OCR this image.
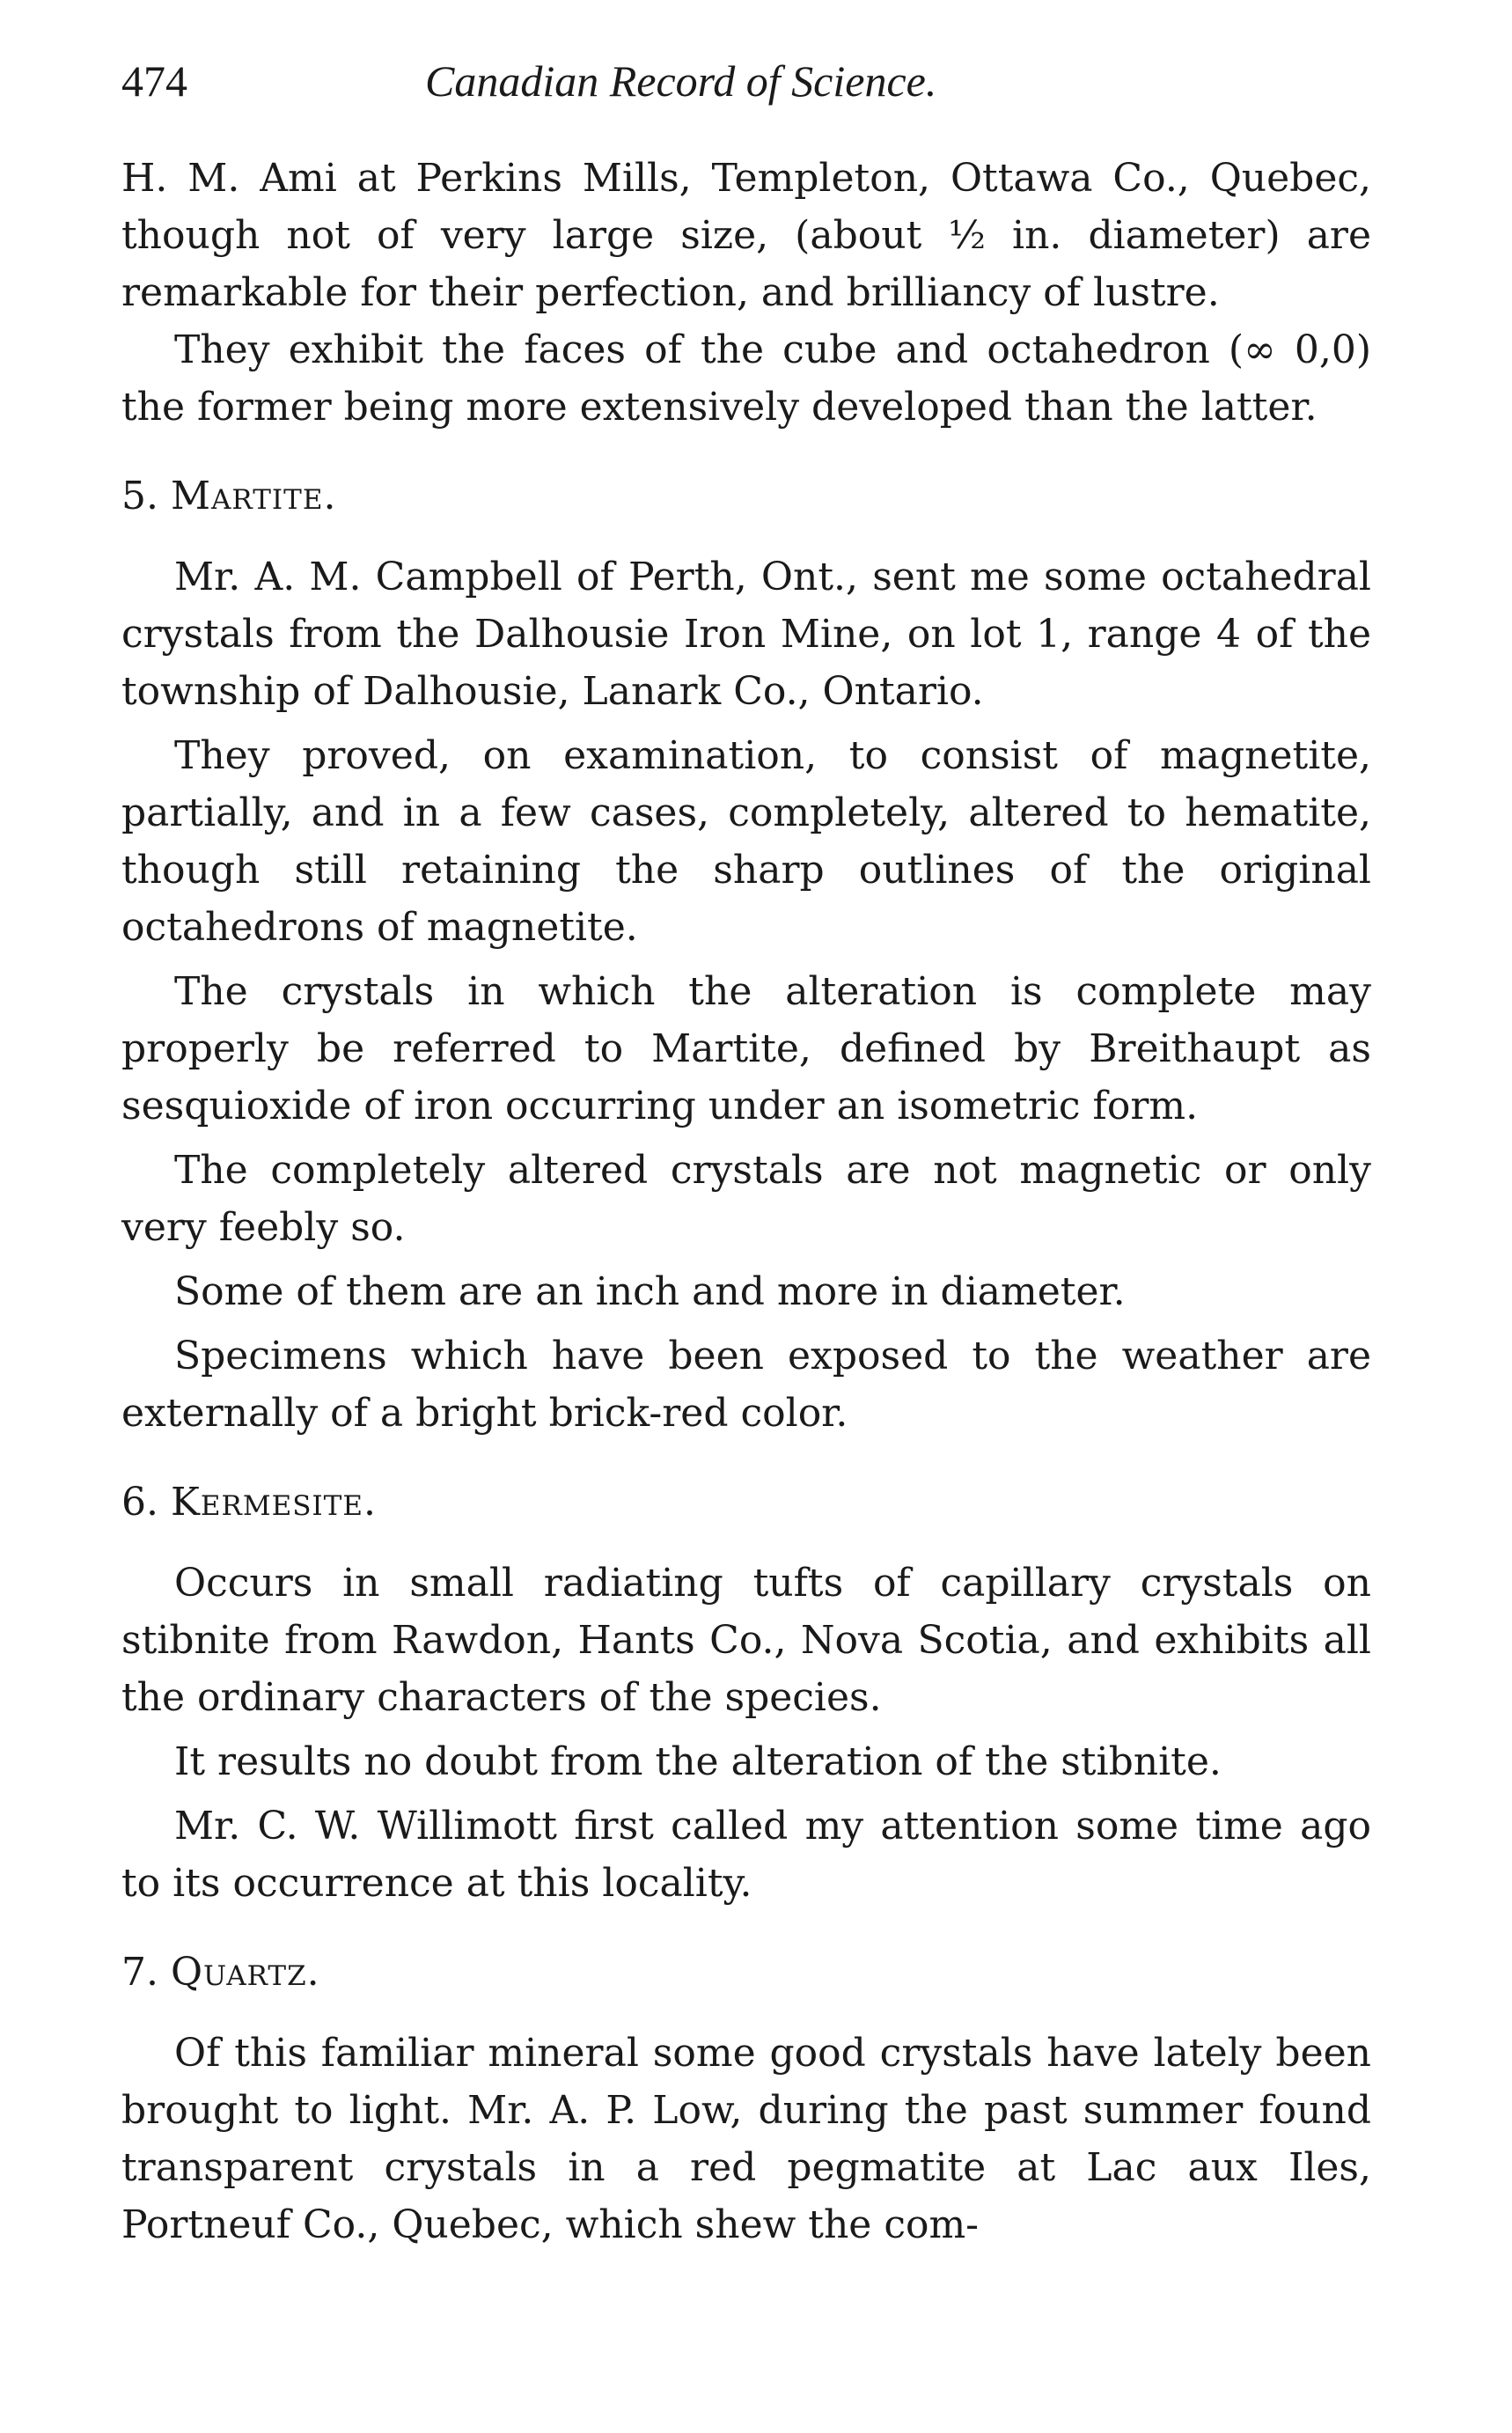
474	Canadian Record of Science.

H. M. Ami at Perkins Mills, Templeton, Ottawa Co., Quebec, though not of very large size, (about ½ in. diameter) are remarkable for their perfection, and brilliancy of lustre.

They exhibit the faces of the cube and octahedron (∞ 0,0) the former being more extensively developed than the latter.

5. Martite.

Mr. A. M. Campbell of Perth, Ont., sent me some octahedral crystals from the Dalhousie Iron Mine, on lot 1, range 4 of the township of Dalhousie, Lanark Co., Ontario.

They proved, on examination, to consist of magnetite, partially, and in a few cases, completely, altered to hematite, though still retaining the sharp outlines of the original octahedrons of magnetite.

The crystals in which the alteration is complete may properly be referred to Martite, defined by Breithaupt as sesquioxide of iron occurring under an isometric form.

The completely altered crystals are not magnetic or only very feebly so.

Some of them are an inch and more in diameter.

Specimens which have been exposed to the weather are externally of a bright brick-red color.

6. Kermesite.

Occurs in small radiating tufts of capillary crystals on stibnite from Rawdon, Hants Co., Nova Scotia, and exhibits all the ordinary characters of the species.

It results no doubt from the alteration of the stibnite.

Mr. C. W. Willimott first called my attention some time ago to its occurrence at this locality.

7. Quartz.

Of this familiar mineral some good crystals have lately been brought to light. Mr. A. P. Low, during the past summer found transparent crystals in a red pegmatite at Lac aux Iles, Portneuf Co., Quebec, which shew the com-
